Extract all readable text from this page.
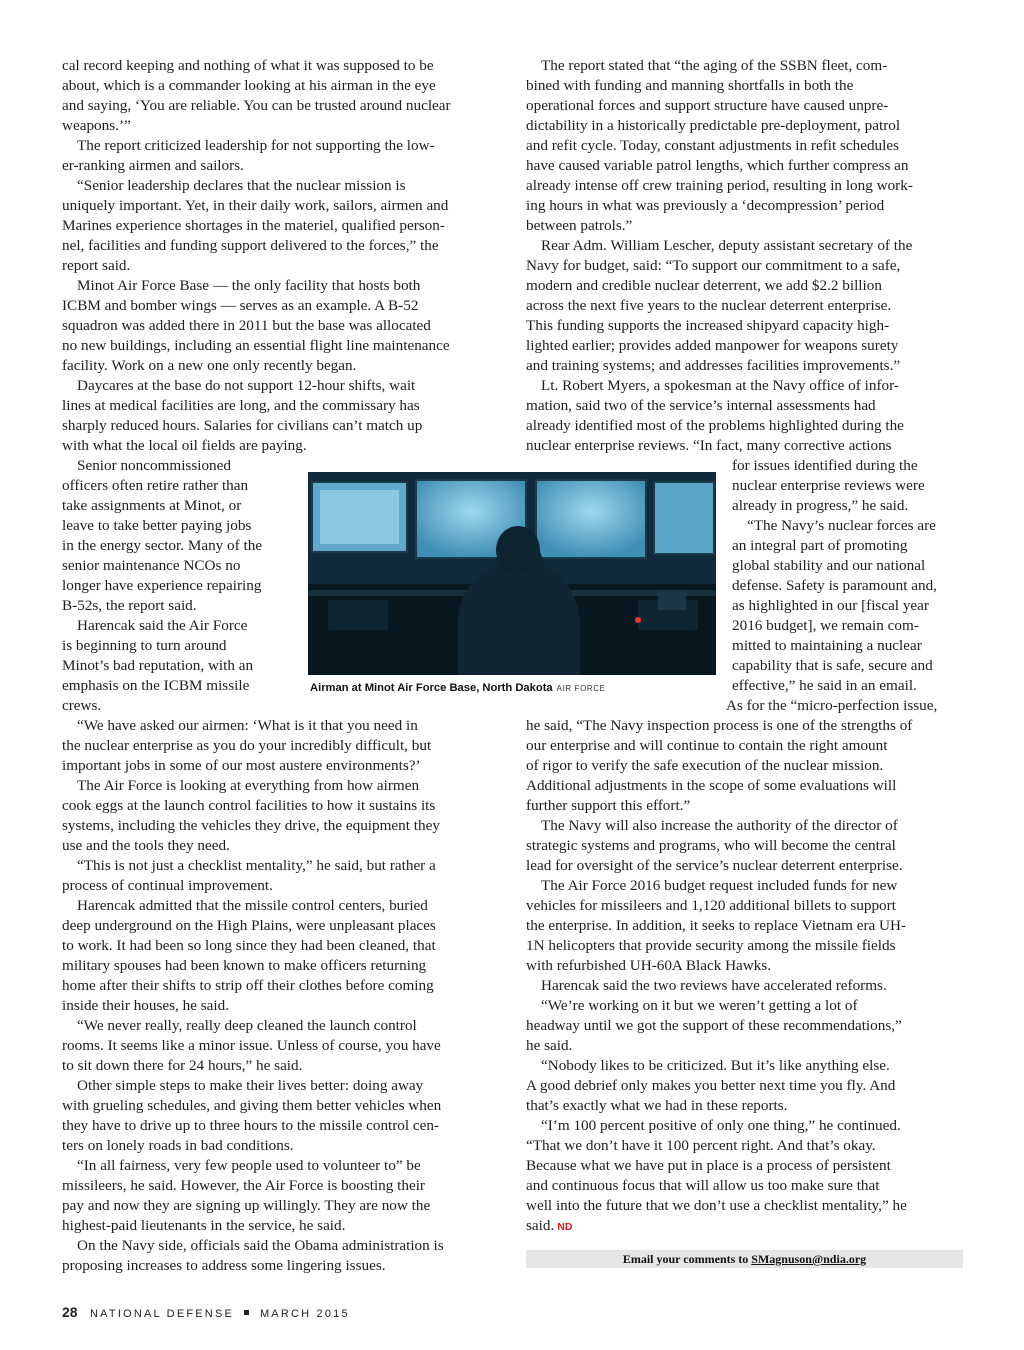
cal record keeping and nothing of what it was supposed to be
about, which is a commander looking at his airman in the eye
and saying, ‘You are reliable. You can be trusted around nuclear
weapons.’”
The report criticized leadership for not supporting the low-
er-ranking airmen and sailors.
“Senior leadership declares that the nuclear mission is
uniquely important. Yet, in their daily work, sailors, airmen and
Marines experience shortages in the materiel, qualified person-
nel, facilities and funding support delivered to the forces,” the
report said.
Minot Air Force Base — the only facility that hosts both
ICBM and bomber wings — serves as an example. A B-52
squadron was added there in 2011 but the base was allocated
no new buildings, including an essential flight line maintenance
facility. Work on a new one only recently began.
Daycares at the base do not support 12-hour shifts, wait
lines at medical facilities are long, and the commissary has
sharply reduced hours. Salaries for civilians can’t match up
with what the local oil fields are paying.
Senior noncommissioned
officers often retire rather than
take assignments at Minot, or
leave to take better paying jobs
in the energy sector. Many of the
senior maintenance NCOs no
longer have experience repairing
B-52s, the report said.
Harencak said the Air Force
is beginning to turn around
Minot’s bad reputation, with an
emphasis on the ICBM missile
crews.
“We have asked our airmen: ‘What is it that you need in
the nuclear enterprise as you do your incredibly difficult, but
important jobs in some of our most austere environments?’
The Air Force is looking at everything from how airmen
cook eggs at the launch control facilities to how it sustains its
systems, including the vehicles they drive, the equipment they
use and the tools they need.
“This is not just a checklist mentality,” he said, but rather a
process of continual improvement.
Harencak admitted that the missile control centers, buried
deep underground on the High Plains, were unpleasant places
to work. It had been so long since they had been cleaned, that
military spouses had been known to make officers returning
home after their shifts to strip off their clothes before coming
inside their houses, he said.
“We never really, really deep cleaned the launch control
rooms. It seems like a minor issue. Unless of course, you have
to sit down there for 24 hours,” he said.
Other simple steps to make their lives better: doing away
with grueling schedules, and giving them better vehicles when
they have to drive up to three hours to the missile control cen-
ters on lonely roads in bad conditions.
“In all fairness, very few people used to volunteer to” be
missileers, he said. However, the Air Force is boosting their
pay and now they are signing up willingly. They are now the
highest-paid lieutenants in the service, he said.
On the Navy side, officials said the Obama administration is
proposing increases to address some lingering issues.
The report stated that “the aging of the SSBN fleet, com-
bined with funding and manning shortfalls in both the
operational forces and support structure have caused unpre-
dictability in a historically predictable pre-deployment, patrol
and refit cycle. Today, constant adjustments in refit schedules
have caused variable patrol lengths, which further compress an
already intense off crew training period, resulting in long work-
ing hours in what was previously a ‘decompression’ period
between patrols.”
Rear Adm. William Lescher, deputy assistant secretary of the
Navy for budget, said: “To support our commitment to a safe,
modern and credible nuclear deterrent, we add $2.2 billion
across the next five years to the nuclear deterrent enterprise.
This funding supports the increased shipyard capacity high-
lighted earlier; provides added manpower for weapons surety
and training systems; and addresses facilities improvements.”
Lt. Robert Myers, a spokesman at the Navy office of infor-
mation, said two of the service’s internal assessments had
already identified most of the problems highlighted during the
nuclear enterprise reviews. “In fact, many corrective actions
for issues identified during the
nuclear enterprise reviews were
already in progress,” he said.
“The Navy’s nuclear forces are
an integral part of promoting
global stability and our national
defense. Safety is paramount and,
as highlighted in our [fiscal year
2016 budget], we remain com-
mitted to maintaining a nuclear
capability that is safe, secure and
effective,” he said in an email.
As for the “micro-perfection issue,
he said, “The Navy inspection process is one of the strengths of
our enterprise and will continue to contain the right amount
of rigor to verify the safe execution of the nuclear mission.
Additional adjustments in the scope of some evaluations will
further support this effort.”
The Navy will also increase the authority of the director of
strategic systems and programs, who will become the central
lead for oversight of the service’s nuclear deterrent enterprise.
The Air Force 2016 budget request included funds for new
vehicles for missileers and 1,120 additional billets to support
the enterprise. In addition, it seeks to replace Vietnam era UH-
1N helicopters that provide security among the missile fields
with refurbished UH-60A Black Hawks.
Harencak said the two reviews have accelerated reforms.
“We’re working on it but we weren’t getting a lot of
headway until we got the support of these recommendations,”
he said.
“Nobody likes to be criticized. But it’s like anything else.
A good debrief only makes you better next time you fly. And
that’s exactly what we had in these reports.
“I’m 100 percent positive of only one thing,” he continued.
“That we don’t have it 100 percent right. And that’s okay.
Because what we have put in place is a process of persistent
and continuous focus that will allow us too make sure that
well into the future that we don’t use a checklist mentality,” he
said. ND
Airman at Minot Air Force Base, North Dakota AIR FORCE
Email your comments to SMagnuson@ndia.org
28 NATIONAL DEFENSE MARCH 2015
